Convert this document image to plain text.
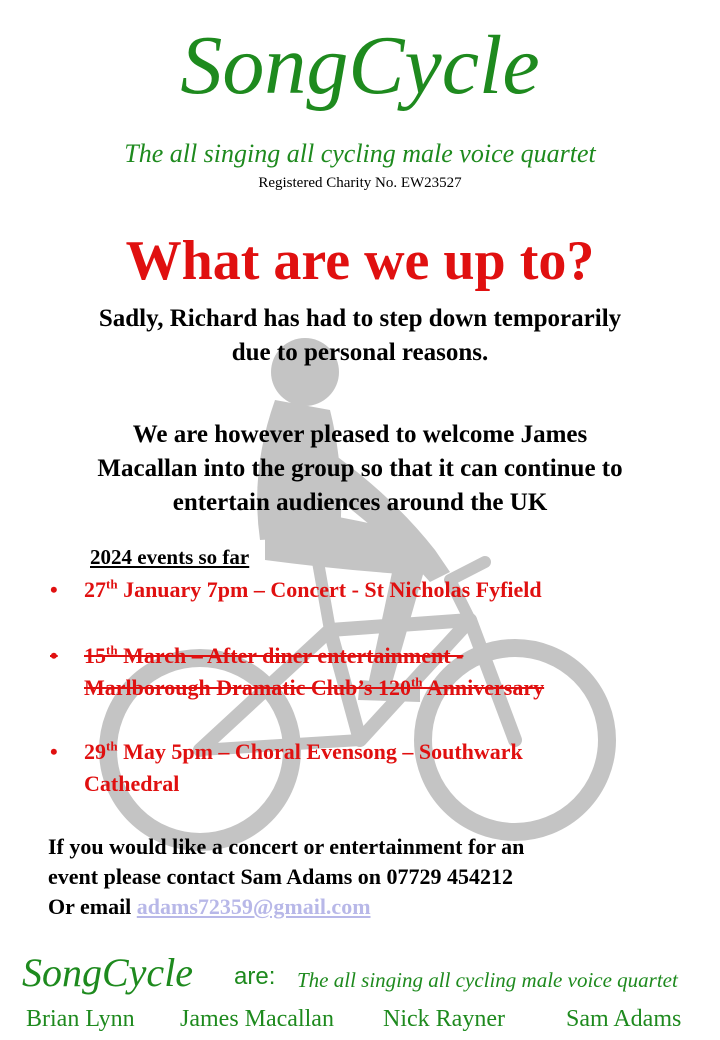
SongCycle
The all singing all cycling male voice quartet
Registered Charity No. EW23527
What are we up to?
Sadly, Richard has had to step down temporarily
due to personal reasons.
We are however pleased to welcome James
Macallan into the group so that it can continue to
entertain audiences around the UK
2024 events so far
• 27th January 7pm – Concert - St Nicholas Fyfield
• 15th March – After diner entertainment -
Marlborough Dramatic Club’s 120th Anniversary
• 29th May 5pm – Choral Evensong – Southwark
Cathedral
If you would like a concert or entertainment for an
event please contact Sam Adams on 07729 454212
Or email adams72359@gmail.com
SongCycle are: The all singing all cycling male voice quartet
Brian Lynn James Macallan Nick Rayner	Sam Adams
